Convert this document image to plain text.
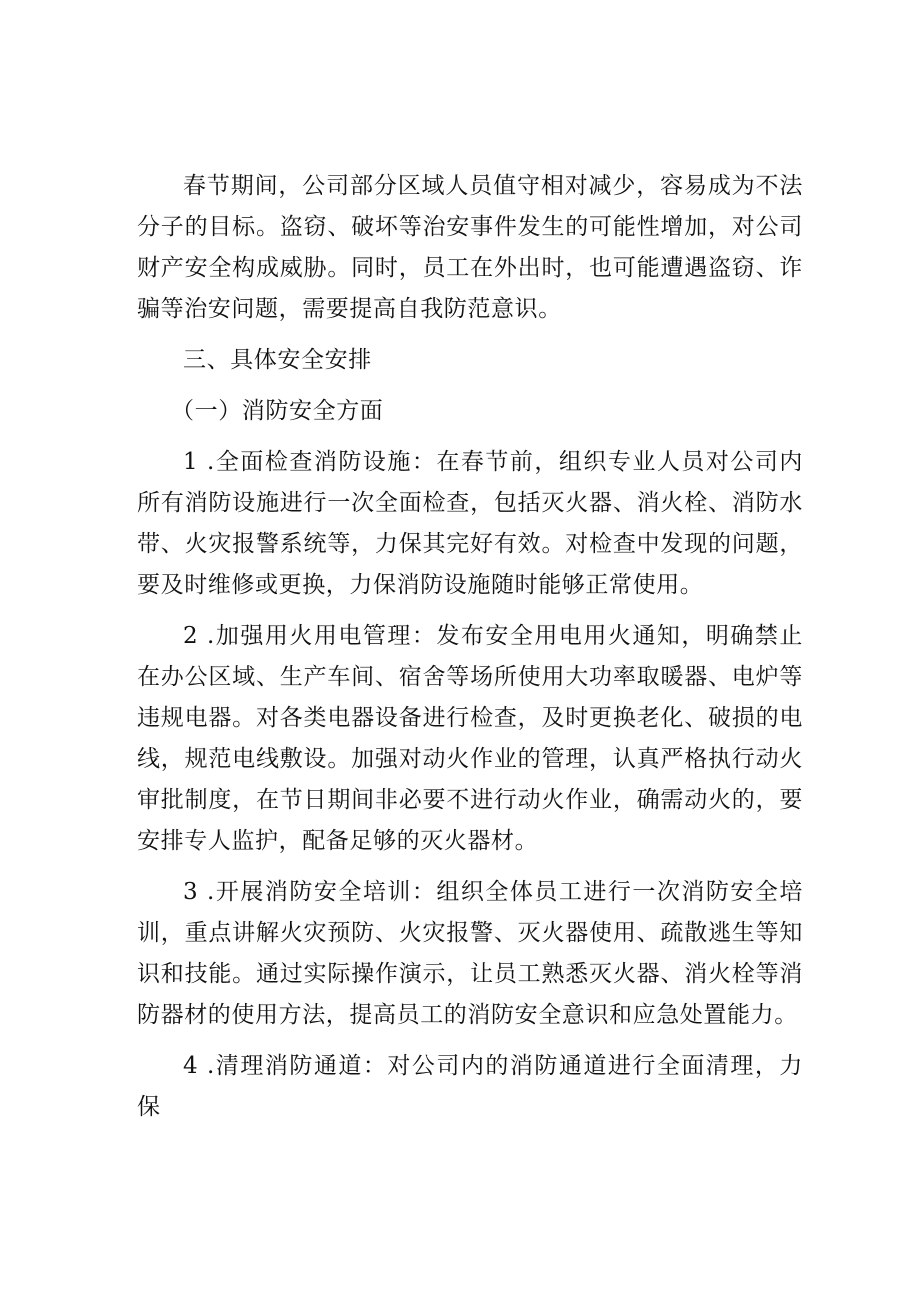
春节期间，公司部分区域人员值守相对减少，容易成为不法分子的目标。盗窃、破坏等治安事件发生的可能性增加，对公司财产安全构成威胁。同时，员工在外出时，也可能遭遇盗窃、诈骗等治安问题，需要提高自我防范意识。

三、具体安全安排

（一）消防安全方面

1 .全面检查消防设施：在春节前，组织专业人员对公司内所有消防设施进行一次全面检查，包括灭火器、消火栓、消防水带、火灾报警系统等，力保其完好有效。对检查中发现的问题，要及时维修或更换，力保消防设施随时能够正常使用。

2 .加强用火用电管理：发布安全用电用火通知，明确禁止在办公区域、生产车间、宿舍等场所使用大功率取暖器、电炉等违规电器。对各类电器设备进行检查，及时更换老化、破损的电线，规范电线敷设。加强对动火作业的管理，认真严格执行动火审批制度，在节日期间非必要不进行动火作业，确需动火的，要安排专人监护，配备足够的灭火器材。

3 .开展消防安全培训：组织全体员工进行一次消防安全培训，重点讲解火灾预防、火灾报警、灭火器使用、疏散逃生等知识和技能。通过实际操作演示，让员工熟悉灭火器、消火栓等消防器材的使用方法，提高员工的消防安全意识和应急处置能力。

4 .清理消防通道：对公司内的消防通道进行全面清理，力保
